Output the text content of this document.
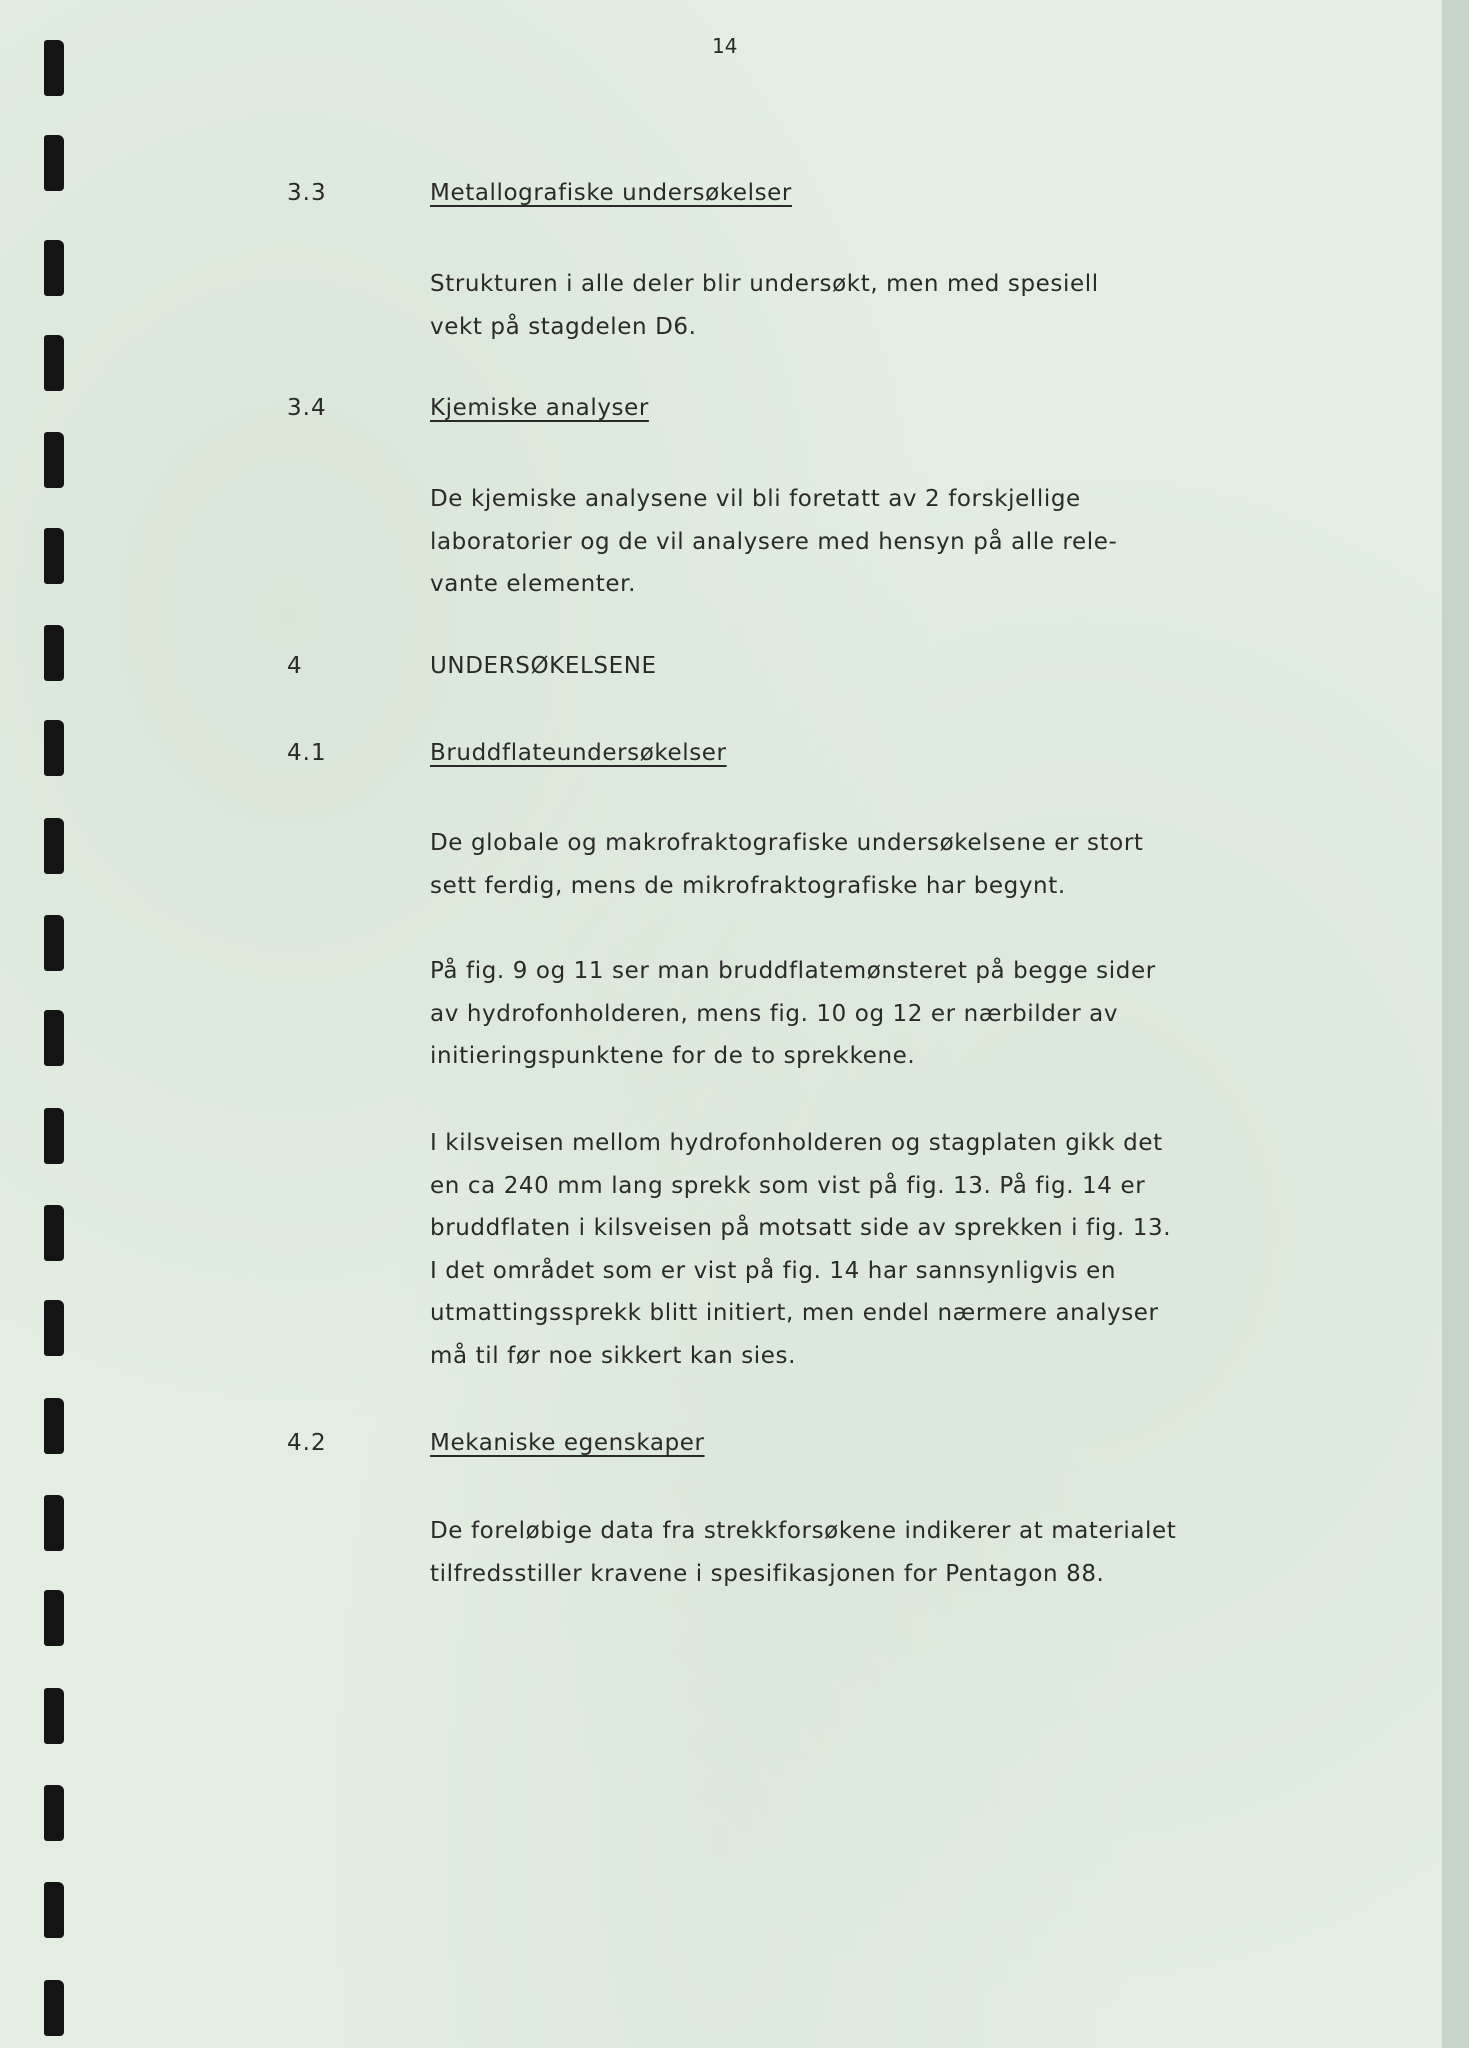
14
3.3	Metallografiske undersøkelser
Strukturen i alle deler blir undersøkt, men med spesiell
vekt på stagdelen D6.
3.4	Kjemiske analyser
De kjemiske analysene vil bli foretatt av 2 forskjellige
laboratorier og de vil analysere med hensyn på alle rele-
vante elementer.
4	UNDERSØKELSENE
4.1	Bruddflateundersøkelser
De globale og makrofraktografiske undersøkelsene er stort
sett ferdig, mens de mikrofraktografiske har begynt.
På fig. 9 og 11 ser man bruddflatemønsteret på begge sider
av hydrofonholderen, mens fig. 10 og 12 er nærbilder av
initieringspunktene for de to sprekkene.
I kilsveisen mellom hydrofonholderen og stagplaten gikk det
en ca 240 mm lang sprekk som vist på fig. 13. På fig. 14 er
bruddflaten i kilsveisen på motsatt side av sprekken i fig. 13.
I det området som er vist på fig. 14 har sannsynligvis en
utmattingssprekk blitt initiert, men endel nærmere analyser
må til før noe sikkert kan sies.
4.2	Mekaniske egenskaper
De foreløbige data fra strekkforsøkene indikerer at materialet
tilfredsstiller kravene i spesifikasjonen for Pentagon 88.
